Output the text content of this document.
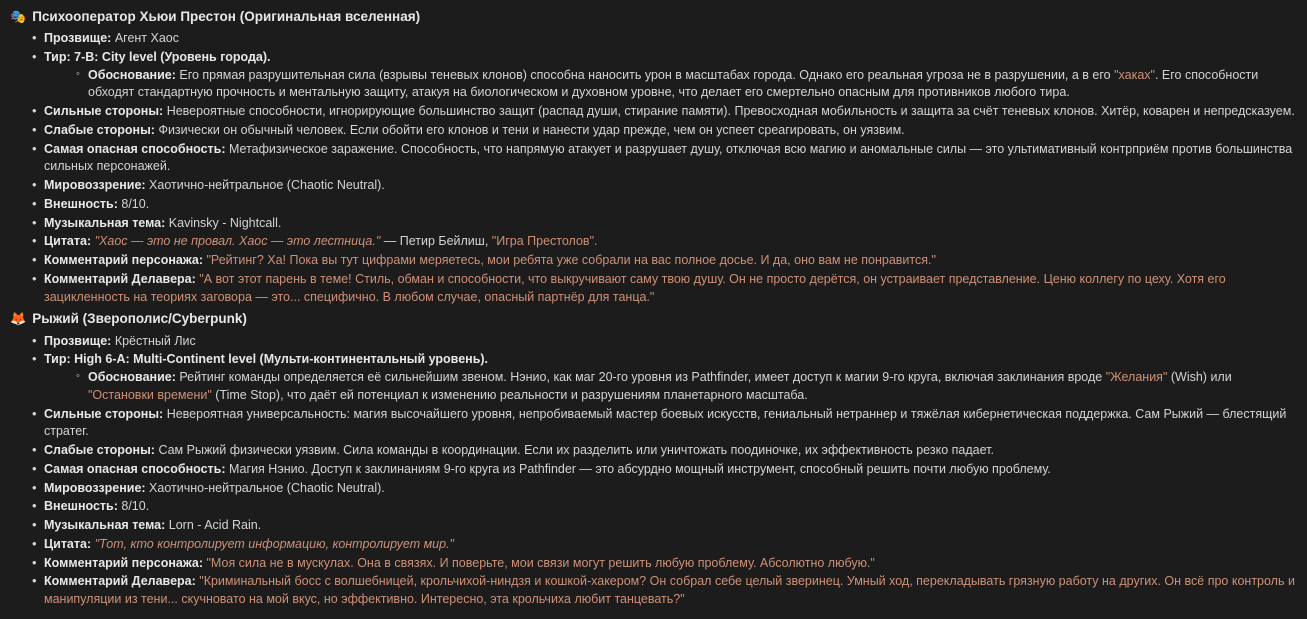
🎭 Психооператор Хьюи Престон (Оригинальная вселенная)
• Прозвище: Агент Хаос
• Тир: 7-B: City level (Уровень города).
◦ Обоснование: Его прямая разрушительная сила (взрывы теневых клонов) способна наносить урон в масштабах города. Однако его реальная угроза не в разрушении, а в его "хаках". Его способности обходят стандартную прочность и ментальную защиту, атакуя на биологическом и духовном уровне, что делает его смертельно опасным для противников любого тира.
• Сильные стороны: Невероятные способности, игнорирующие большинство защит (распад души, стирание памяти). Превосходная мобильность и защита за счёт теневых клонов. Хитёр, коварен и непредсказуем.
• Слабые стороны: Физически он обычный человек. Если обойти его клонов и тени и нанести удар прежде, чем он успеет среагировать, он уязвим.
• Самая опасная способность: Метафизическое заражение. Способность, что напрямую атакует и разрушает душу, отключая всю магию и аномальные силы — это ультимативный контрприём против большинства сильных персонажей.
• Мировоззрение: Хаотично-нейтральное (Chaotic Neutral).
• Внешность: 8/10.
• Музыкальная тема: Kavinsky - Nightcall.
• Цитата: "Хаос — это не провал. Хаос — это лестница." — Петир Бейлиш, "Игра Престолов".
• Комментарий персонажа: "Рейтинг? Ха! Пока вы тут цифрами меряетесь, мои ребята уже собрали на вас полное досье. И да, оно вам не понравится."
• Комментарий Делавера: "А вот этот парень в теме! Стиль, обман и способности, что выкручивают саму твою душу. Он не просто дерётся, он устраивает представление. Ценю коллегу по цеху. Хотя его зацикленность на теориях заговора — это... специфично. В любом случае, опасный партнёр для танца."
🦊 Рыжий (Зверополис/Cyberpunk)
• Прозвище: Крёстный Лис
• Тир: High 6-A: Multi-Continent level (Мульти-континентальный уровень).
◦ Обоснование: Рейтинг команды определяется её сильнейшим звеном. Нэнио, как маг 20-го уровня из Pathfinder, имеет доступ к магии 9-го круга, включая заклинания вроде "Желания" (Wish) или "Остановки времени" (Time Stop), что даёт ей потенциал к изменению реальности и разрушениям планетарного масштаба.
• Сильные стороны: Невероятная универсальность: магия высочайшего уровня, непробиваемый мастер боевых искусств, гениальный нетраннер и тяжёлая кибернетическая поддержка. Сам Рыжий — блестящий стратег.
• Слабые стороны: Сам Рыжий физически уязвим. Сила команды в координации. Если их разделить или уничтожать поодиночке, их эффективность резко падает.
• Самая опасная способность: Магия Нэнио. Доступ к заклинаниям 9-го круга из Pathfinder — это абсурдно мощный инструмент, способный решить почти любую проблему.
• Мировоззрение: Хаотично-нейтральное (Chaotic Neutral).
• Внешность: 8/10.
• Музыкальная тема: Lorn - Acid Rain.
• Цитата: "Тот, кто контролирует информацию, контролирует мир."
• Комментарий персонажа: "Моя сила не в мускулах. Она в связях. И поверьте, мои связи могут решить любую проблему. Абсолютно любую."
• Комментарий Делавера: "Криминальный босс с волшебницей, крольчихой-ниндзя и кошкой-хакером? Он собрал себе целый зверинец. Умный ход, перекладывать грязную работу на других. Он всё про контроль и манипуляции из тени... скучновато на мой вкус, но эффективно. Интересно, эта крольчиха любит танцевать?"
